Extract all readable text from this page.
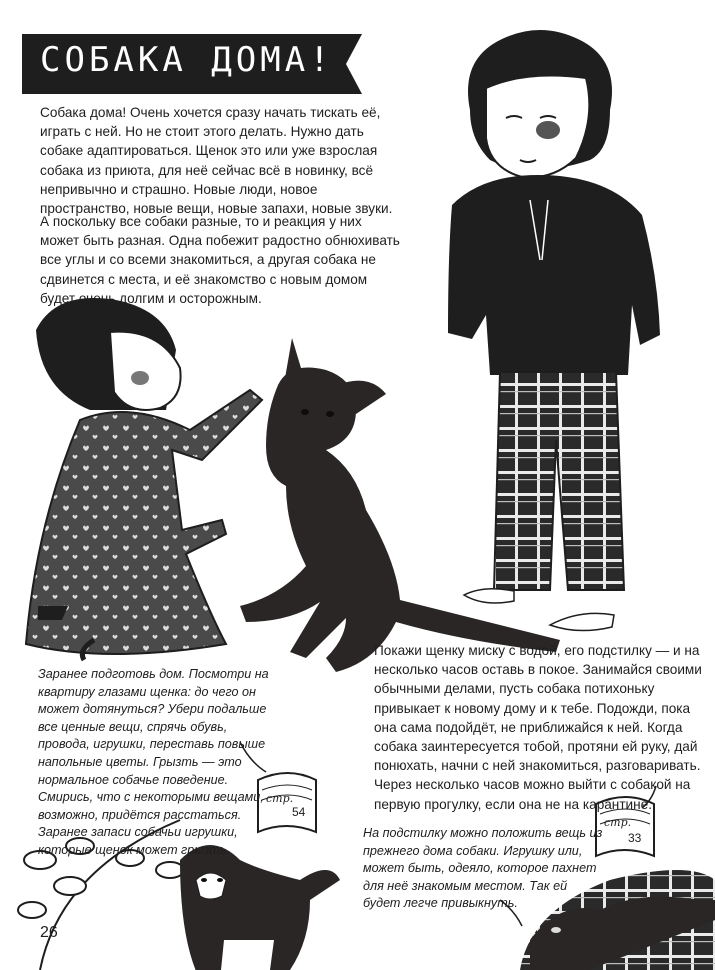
стр.
54
стр.
33
СОБАКА ДОМА!

Собака дома! Очень хочется сразу начать тискать её, играть с ней. Но не стоит этого делать. Нужно дать собаке адаптироваться. Щенок это или уже взрослая собака из приюта, для неё сейчас всё в новинку, всё непривычно и страшно. Новые люди, новое пространство, новые вещи, новые запахи, новые звуки.

А поскольку все собаки разные, то и реакция у них может быть разная. Одна побежит радостно обнюхивать все углы и со всеми знакомиться, а другая собака не сдвинется с места, и её знакомство с новым домом будет очень долгим и осторожным.

Покажи щенку миску с водой, его подстилку — и на несколько часов оставь в покое. Занимайся своими обычными делами, пусть собака потихоньку привыкает к новому дому и к тебе. Подожди, пока она сама подойдёт, не приближайся к ней. Когда собака заинтересуется тобой, протяни ей руку, дай понюхать, начни с ней знакомиться, разговаривать. Через несколько часов можно выйти с собакой на первую прогулку, если она не на карантине.

Заранее подготовь дом. Посмотри на квартиру глазами щенка: до чего он может дотянуться? Убери подальше все ценные вещи, спрячь обувь, провода, игрушки, переставь повыше напольные цветы. Грызть — это нормальное собачье поведение. Смирись, что с некоторыми вещами, возможно, придётся расстаться. Заранее запаси собачьи игрушки, которые щенок может грызть.

На подстилку можно положить вещь из прежнего дома собаки. Игрушку или, может быть, одеяло, которое пахнет для неё знакомым местом. Так ей будет легче привыкнуть.

26
